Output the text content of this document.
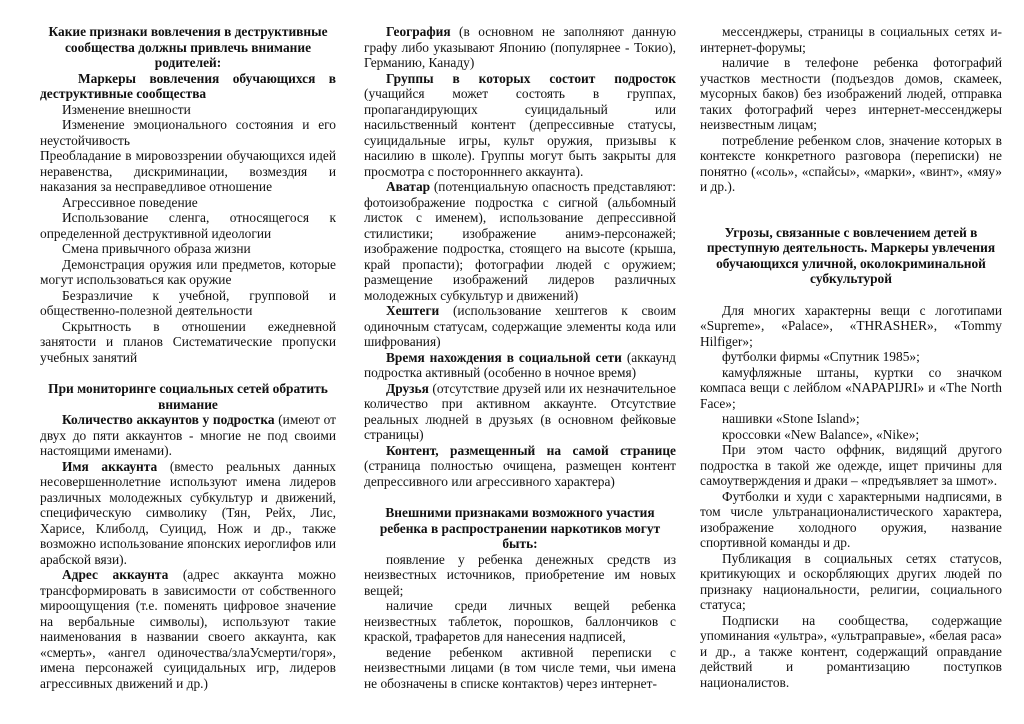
Какие признаки вовлечения в деструктивные сообщества должны привлечь внимание родителей:

Маркеры вовлечения обучающихся в деструктивные сообщества

Изменение внешности

Изменение эмоционального состояния и его неустойчивость

Преобладание в мировоззрении обучающихся идей неравенства, дискриминации, возмездия и наказания за несправедливое отношение

Агрессивное поведение

Использование сленга, относящегося к определенной деструктивной идеологии

Смена привычного образа жизни

Демонстрация оружия или предметов, которые могут использоваться как оружие

Безразличие к учебной, групповой и общественно-полезной деятельности

Скрытность в отношении ежедневной занятости и планов Систематические пропуски учебных занятий

При мониторинге социальных сетей обратить внимание

Количество аккаунтов у подростка (имеют от двух до пяти аккаунтов - многие не под своими настоящими именами).

Имя аккаунта (вместо реальных данных несовершеннолетние используют имена лидеров различных молодежных субкультур и движений, специфическую символику (Тян, Рейх, Лис, Харисе, Клиболд, Суицид, Нож и др., также возможно использование японских иероглифов или арабской вязи).

Адрес аккаунта (адрес аккаунта можно трансформировать в зависимости от собственного мироощущения (т.е. поменять цифровое значение на вербальные символы), используют такие наименования в названии своего аккаунта, как «смерть», «ангел одиночества/злаУсмерти/горя», имена персонажей суицидальных игр, лидеров агрессивных движений и др.)

География (в основном не заполняют данную графу либо указывают Японию (популярнее - Токио), Германию, Канаду)

Группы в которых состоит подросток (учащийся может состоять в группах, пропагандирующих суицидальный или насильственный контент (депрессивные статусы, суицидальные игры, культ оружия, призывы к насилию в школе). Группы могут быть закрыты для просмотра с посторонннего аккаунта).

Аватар (потенциальную опасность представляют: фотоизображение подростка с сигной (альбомный листок с именем), использование депрессивной стилистики; изображение анимэ-персонажей; изображение подростка, стоящего на высоте (крыша, край пропасти); фотографии людей с оружием; размещение изображений лидеров различных молодежных субкультур и движений)

Хештеги (использование хештегов к своим одиночным статусам, содержащие элементы кода или шифрования)

Время нахождения в социальной сети (аккаунд подростка активный (особенно в ночное время)

Друзья (отсутствие друзей или их незначительное количество при активном аккаунте. Отсутствие реальных людней в друзьях (в основном фейковые страницы)

Контент, размещенный на самой странице (страница полностью очищена, размещен контент депрессивного или агрессивного характера)

Внешними признаками возможного участия ребенка в распространении наркотиков могут быть:

появление у ребенка денежных средств из неизвестных источников, приобретение им новых вещей;

наличие среди личных вещей ребенка неизвестных таблеток, порошков, баллончиков с краской, трафаретов для нанесения надписей,

ведение ребенком активной переписки с неизвестными лицами (в том числе теми, чьи имена не обозначены в списке контактов) через интернет-

мессенджеры, страницы в социальных сетях и-интернет-форумы;

наличие в телефоне ребенка фотографий участков местности (подъездов домов, скамеек, мусорных баков) без изображений людей, отправка таких фотографий через интернет-мессенджеры неизвестным лицам;

потребление ребенком слов, значение которых в контексте конкретного разговора (переписки) не понятно («соль», «спайсы», «марки», «винт», «мяу» и др.).

Угрозы, связанные с вовлечением детей в преступную деятельность. Маркеры увлечения обучающихся уличной, околокриминальной субкультурой

Для многих характерны вещи с логотипами «Supreme», «Palace», «THRASHER», «Tommy Hilfiger»;

футболки фирмы «Спутник 1985»;

камуфляжные штаны, куртки со значком компаса вещи с лейблом «NAPAPIJRI» и «The North Face»;

нашивки «Stone Island»;

кроссовки «New Balance», «Nike»;

При этом часто оффник, видящий другого подростка в такой же одежде, ищет причины для самоутверждения и драки – «предъявляет за шмот».

Футболки и худи с характерными надписями, в том числе ультранационалистического характера, изображение холодного оружия, название спортивной команды и др.

Публикация в социальных сетях статусов, критикующих и оскорбляющих других людей по признаку национальности, религии, социального статуса;

Подписки на сообщества, содержащие упоминания «ультра», «ультраправые», «белая раса» и др., а также контент, содержащий оправдание действий и романтизацию поступков националистов.
